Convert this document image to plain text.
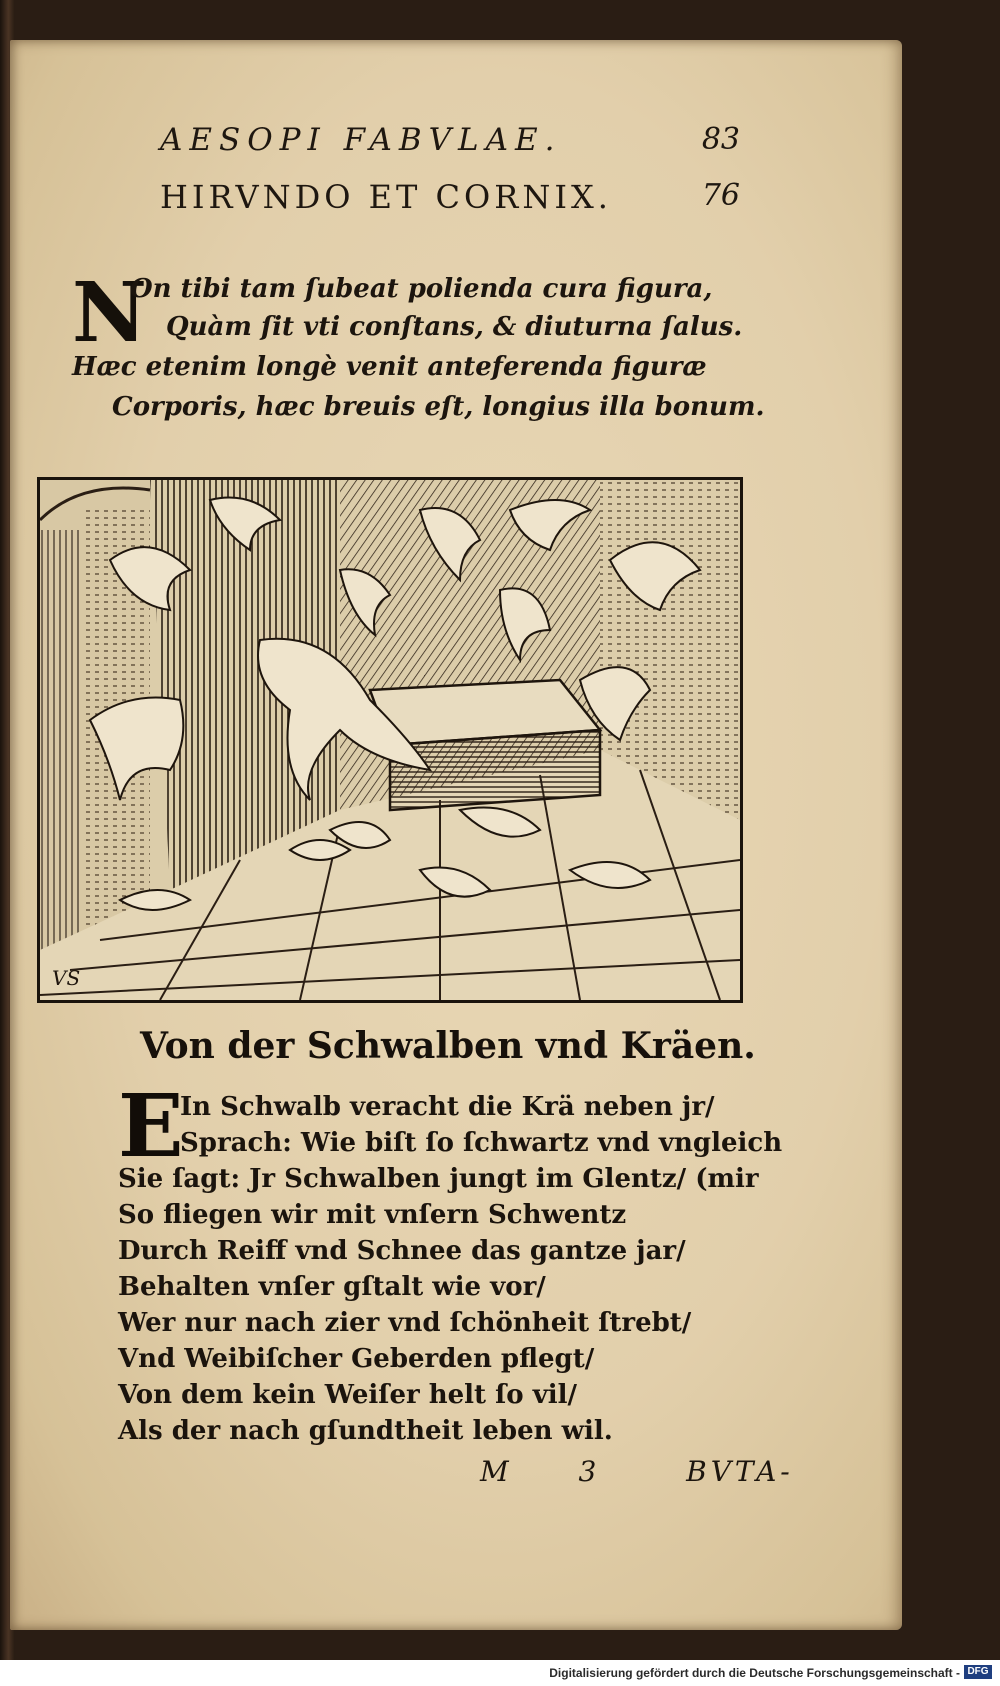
AESOPI FABVLAE.	83
HIRVNDO ET CORNIX.	76
N
On tibi tam ſubeat polienda cura figura,
Quàm ſit vti conſtans, & diuturna ſalus.
Hæc etenim longè venit anteferenda figuræ
Corporis, hæc breuis eſt, longius illa bonum.
VS
Von der Schwalben vnd Kräen.
E
In Schwalb veracht die Krä neben jr/
Sprach: Wie biſt ſo ſchwartz vnd vngleich
Sie ſagt: Jr Schwalben jungt im Glentz/ (mir
So fliegen wir mit vnſern Schwentz
Durch Reiff vnd Schnee das gantze jar/
Behalten vnſer gſtalt wie vor/
Wer nur nach zier vnd ſchönheit ſtrebt/
Vnd Weibiſcher Geberden pflegt/
Von dem kein Weiſer helt ſo vil/
Als der nach gſundtheit leben wil.
M 3	BVTA-
Digitalisierung gefördert durch die Deutsche Forschungsgemeinschaft - DFG
